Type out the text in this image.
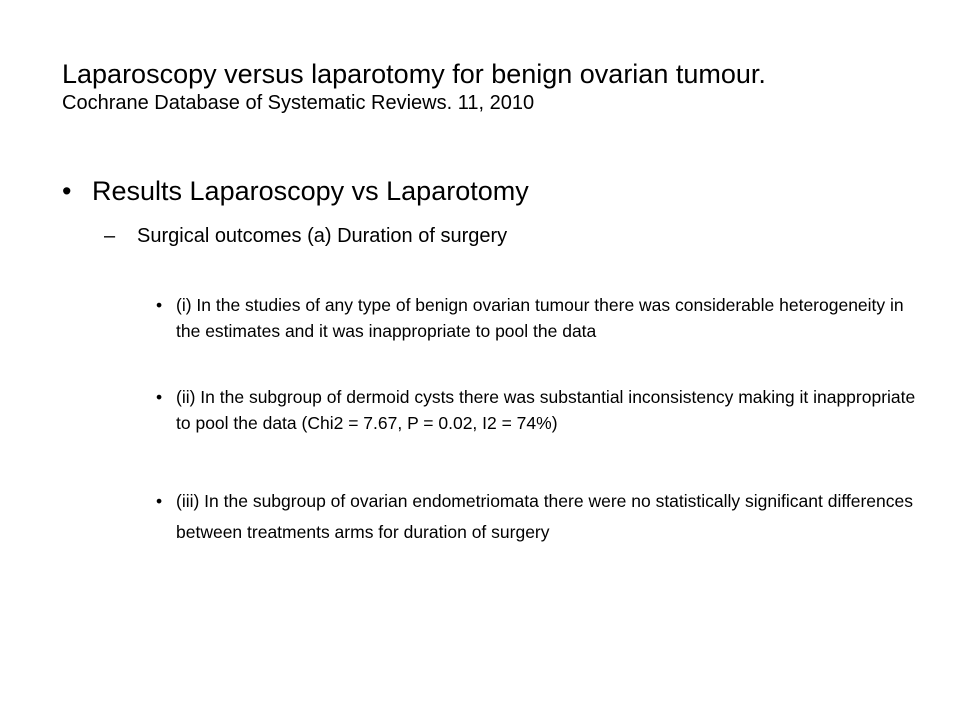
Laparoscopy versus laparotomy for benign ovarian tumour.
Cochrane Database of Systematic Reviews. 11, 2010
• Results Laparoscopy vs Laparotomy
– Surgical outcomes (a) Duration of surgery
• (i) In the studies of any type of benign ovarian tumour there was considerable heterogeneity in the estimates and it was inappropriate to pool the data
• (ii) In the subgroup of dermoid cysts there was substantial inconsistency making it inappropriate to pool the data (Chi2 = 7.67, P = 0.02, I2 = 74%)
• (iii) In the subgroup of ovarian endometriomata there were no statistically significant differences between treatments arms for duration of surgery
